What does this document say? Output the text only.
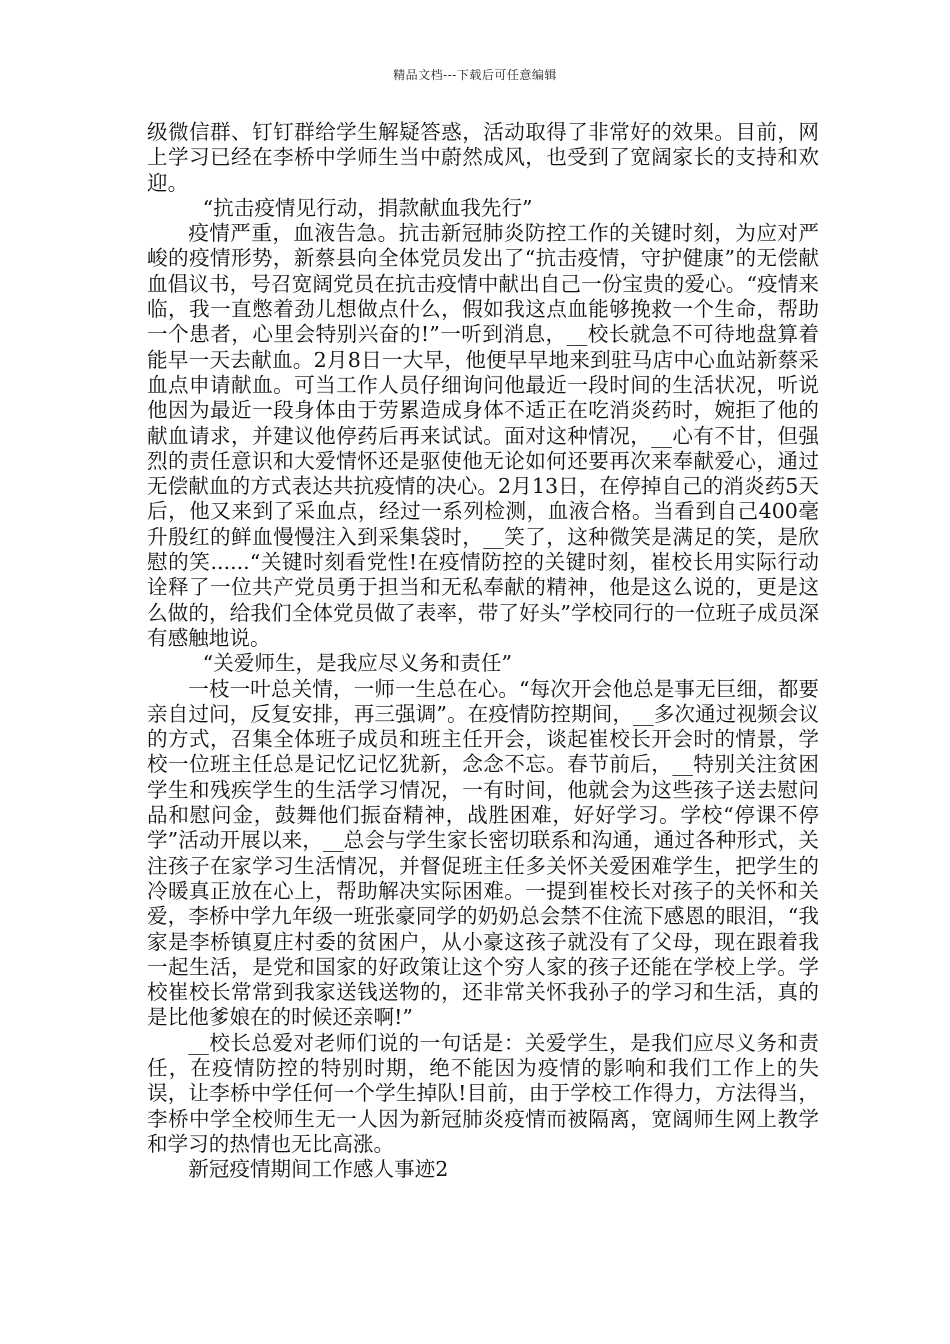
精品文档---下载后可任意编辑

级微信群、钉钉群给学生解疑答惑，活动取得了非常好的效果。目前，网上学习已经在李桥中学师生当中蔚然成风，也受到了宽阔家长的支持和欢迎。

“抗击疫情见行动，捐款献血我先行”

疫情严重，血液告急。抗击新冠肺炎防控工作的关键时刻，为应对严峻的疫情形势，新蔡县向全体党员发出了“抗击疫情，守护健康”的无偿献血倡议书，号召宽阔党员在抗击疫情中献出自己一份宝贵的爱心。“疫情来临，我一直憋着劲儿想做点什么，假如我这点血能够挽救一个生命，帮助一个患者，心里会特别兴奋的!”一听到消息，__校长就急不可待地盘算着能早一天去献血。2月8日一大早，他便早早地来到驻马店中心血站新蔡采血点申请献血。可当工作人员仔细询问他最近一段时间的生活状况，听说他因为最近一段身体由于劳累造成身体不适正在吃消炎药时，婉拒了他的献血请求，并建议他停药后再来试试。面对这种情况，__心有不甘，但强烈的责任意识和大爱情怀还是驱使他无论如何还要再次来奉献爱心，通过无偿献血的方式表达共抗疫情的决心。2月13日，在停掉自己的消炎药5天后，他又来到了采血点，经过一系列检测，血液合格。当看到自己400毫升殷红的鲜血慢慢注入到采集袋时，__笑了，这种微笑是满足的笑，是欣慰的笑......“关键时刻看党性!在疫情防控的关键时刻，崔校长用实际行动诠释了一位共产党员勇于担当和无私奉献的精神，他是这么说的，更是这么做的，给我们全体党员做了表率，带了好头”学校同行的一位班子成员深有感触地说。

“关爱师生，是我应尽义务和责任”

一枝一叶总关情，一师一生总在心。“每次开会他总是事无巨细，都要亲自过问，反复安排，再三强调”。在疫情防控期间，__多次通过视频会议的方式，召集全体班子成员和班主任开会，谈起崔校长开会时的情景，学校一位班主任总是记忆记忆犹新，念念不忘。春节前后，__特别关注贫困学生和残疾学生的生活学习情况，一有时间，他就会为这些孩子送去慰问品和慰问金，鼓舞他们振奋精神，战胜困难，好好学习。学校“停课不停学”活动开展以来，__总会与学生家长密切联系和沟通，通过各种形式，关注孩子在家学习生活情况，并督促班主任多关怀关爱困难学生，把学生的冷暖真正放在心上，帮助解决实际困难。一提到崔校长对孩子的关怀和关爱，李桥中学九年级一班张豪同学的奶奶总会禁不住流下感恩的眼泪，“我家是李桥镇夏庄村委的贫困户，从小豪这孩子就没有了父母，现在跟着我一起生活，是党和国家的好政策让这个穷人家的孩子还能在学校上学。学校崔校长常常到我家送钱送物的，还非常关怀我孙子的学习和生活，真的是比他爹娘在的时候还亲啊!”

__校长总爱对老师们说的一句话是：关爱学生，是我们应尽义务和责任，在疫情防控的特别时期，绝不能因为疫情的影响和我们工作上的失误，让李桥中学任何一个学生掉队!目前，由于学校工作得力，方法得当，李桥中学全校师生无一人因为新冠肺炎疫情而被隔离，宽阔师生网上教学和学习的热情也无比高涨。

新冠疫情期间工作感人事迹2
